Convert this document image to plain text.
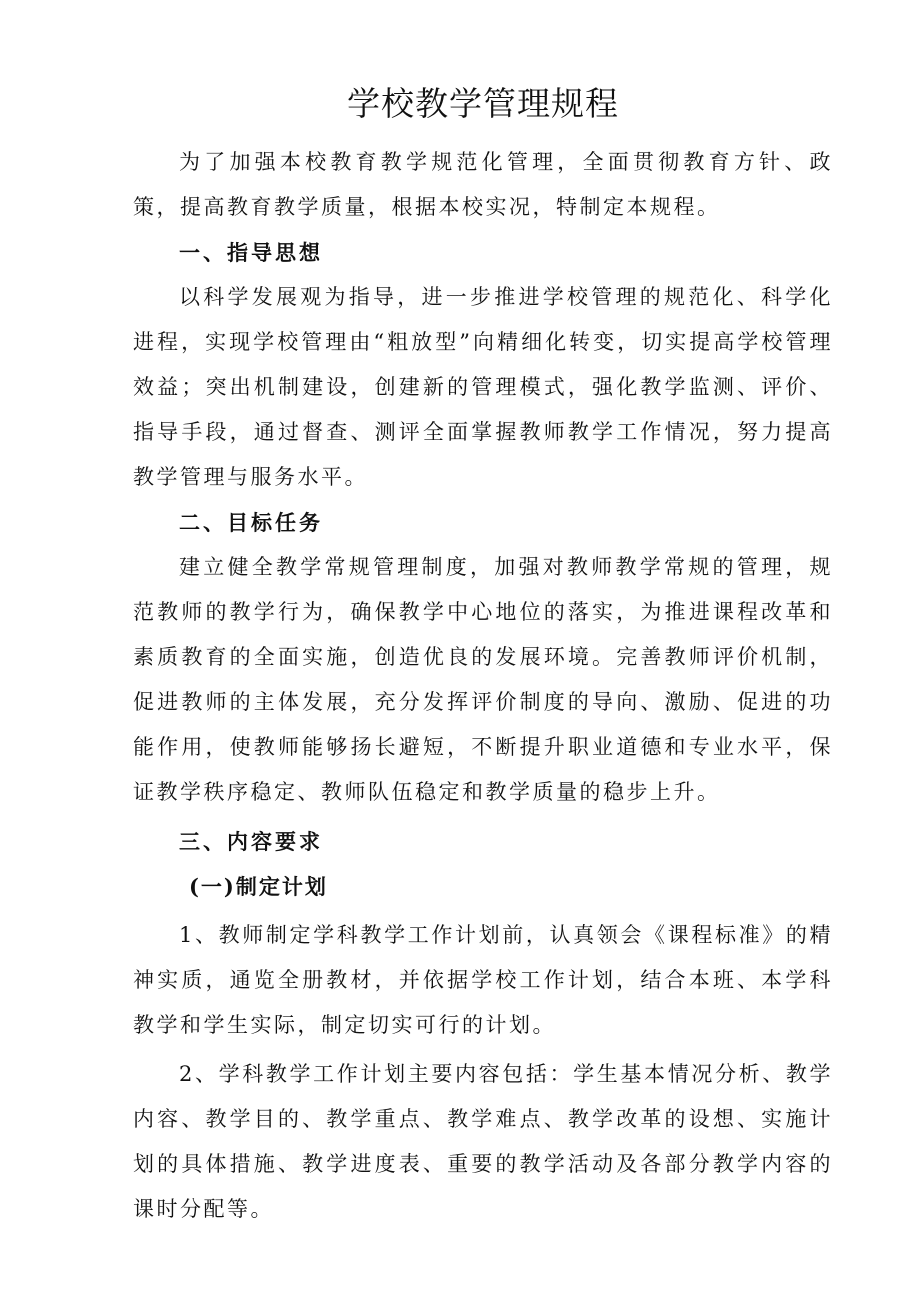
学校教学管理规程

为了加强本校教育教学规范化管理，全面贯彻教育方针、政策，提高教育教学质量，根据本校实况，特制定本规程。

一、指导思想

以科学发展观为指导，进一步推进学校管理的规范化、科学化进程，实现学校管理由“粗放型”向精细化转变，切实提高学校管理效益；突出机制建设，创建新的管理模式，强化教学监测、评价、指导手段，通过督查、测评全面掌握教师教学工作情况，努力提高教学管理与服务水平。

二、目标任务

建立健全教学常规管理制度，加强对教师教学常规的管理，规范教师的教学行为，确保教学中心地位的落实，为推进课程改革和素质教育的全面实施，创造优良的发展环境。完善教师评价机制，促进教师的主体发展，充分发挥评价制度的导向、激励、促进的功能作用，使教师能够扬长避短，不断提升职业道德和专业水平，保证教学秩序稳定、教师队伍稳定和教学质量的稳步上升。

三、内容要求

(一)制定计划

1、教师制定学科教学工作计划前，认真领会《课程标准》的精神实质，通览全册教材，并依据学校工作计划，结合本班、本学科教学和学生实际，制定切实可行的计划。

2、学科教学工作计划主要内容包括：学生基本情况分析、教学内容、教学目的、教学重点、教学难点、教学改革的设想、实施计划的具体措施、教学进度表、重要的教学活动及各部分教学内容的课时分配等。
